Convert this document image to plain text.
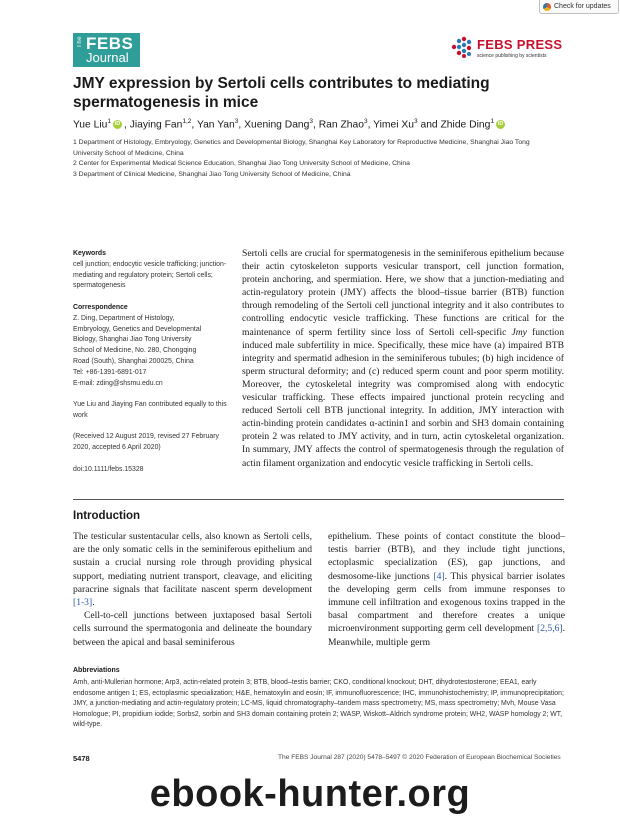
Check for updates
The FEBS
Journal
FEBS PRESS
science publishing by scientists
JMY expression by Sertoli cells contributes to mediating spermatogenesis in mice
Yue Liu$^1$ iD , Jiaying Fan$^{1,2}$, Yan Yan$^3$, Xuening Dang$^3$, Ran Zhao$^3$, Yimei Xu$^3$ and Zhide Ding$^1$ iD
1 Department of Histology, Embryology, Genetics and Developmental Biology, Shanghai Key Laboratory for Reproductive Medicine, Shanghai Jiao Tong University School of Medicine, China
2 Center for Experimental Medical Science Education, Shanghai Jiao Tong University School of Medicine, China
3 Department of Clinical Medicine, Shanghai Jiao Tong University School of Medicine, China
Keywords
cell junction; endocytic vesicle trafficking; junction-mediating and regulatory protein; Sertoli cells; spermatogenesis
Correspondence
Z. Ding, Department of Histology,
Embryology, Genetics and Developmental
Biology, Shanghai Jiao Tong University
School of Medicine, No. 280, Chongqing
Road (South), Shanghai 200025, China
Tel: +86-1391-6891-017
E-mail: zding@shsmu.edu.cn
Yue Liu and Jiaying Fan contributed equally to this work
(Received 12 August 2019, revised 27 February 2020, accepted 6 April 2020)
doi:10.1111/febs.15328
Sertoli cells are crucial for spermatogenesis in the seminiferous epithelium because their actin cytoskeleton supports vesicular transport, cell junction formation, protein anchoring, and spermiation. Here, we show that a junction-mediating and actin-regulatory protein (JMY) affects the blood–tissue barrier (BTB) function through remodeling of the Sertoli cell junctional integrity and it also contributes to controlling endocytic vesicle trafficking. These functions are critical for the maintenance of sperm fertility since loss of Sertoli cell-specific Jmy function induced male subfertility in mice. Specifically, these mice have (a) impaired BTB integrity and spermatid adhesion in the seminiferous tubules; (b) high incidence of sperm structural deformity; and (c) reduced sperm count and poor sperm motility. Moreover, the cytoskeletal integrity was compromised along with endocytic vesicular trafficking. These effects impaired junctional protein recycling and reduced Sertoli cell BTB junctional integrity. In addition, JMY interaction with actin-binding protein candidates α-actinin1 and sorbin and SH3 domain containing protein 2 was related to JMY activity, and in turn, actin cytoskeletal organization. In summary, JMY affects the control of spermatogenesis through the regulation of actin filament organization and endocytic vesicle trafficking in Sertoli cells.
Introduction

The testicular sustentacular cells, also known as Sertoli cells, are the only somatic cells in the seminiferous epithelium and sustain a crucial nursing role through providing physical support, mediating nutrient transport, cleavage, and eliciting paracrine signals that facilitate nascent sperm development [1-3].

Cell-to-cell junctions between juxtaposed basal Sertoli cells surround the spermatogonia and delineate the boundary between the apical and basal seminiferous

epithelium. These points of contact constitute the blood–testis barrier (BTB), and they include tight junctions, ectoplasmic specialization (ES), gap junctions, and desmosome-like junctions [4]. This physical barrier isolates the developing germ cells from immune responses to immune cell infiltration and exogenous toxins trapped in the basal compartment and therefore creates a unique microenvironment supporting germ cell development [2,5,6]. Meanwhile, multiple germ

Abbreviations
Amh, anti-Mullerian hormone; Arp3, actin-related protein 3; BTB, blood–testis barrier; CKO, conditional knockout; DHT, dihydrotestosterone; EEA1, early endosome antigen 1; ES, ectoplasmic specialization; H&E, hematoxylin and eosin; IF, immunofluorescence; IHC, immunohistochemistry; IP, immunoprecipitation; JMY, a junction-mediating and actin-regulatory protein; LC-MS, liquid chromatography–tandem mass spectrometry; MS, mass spectrometry; Mvh, Mouse Vasa Homologue; PI, propidium iodide; Sorbs2, sorbin and SH3 domain containing protein 2; WASP, Wiskott–Aldrich syndrome protein; WH2, WASP homology 2; WT, wild-type.
5478	The FEBS Journal 287 (2020) 5478–5497 © 2020 Federation of European Biochemical Societies
ebook-hunter.org
